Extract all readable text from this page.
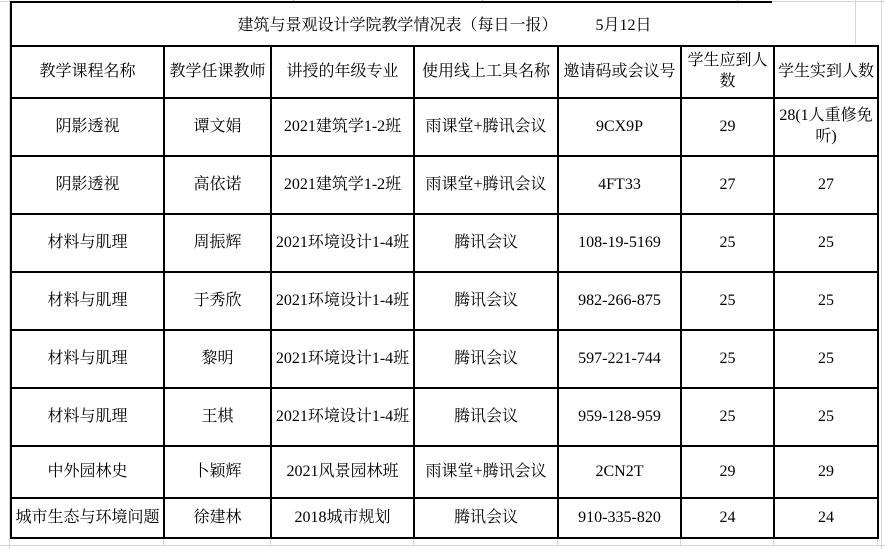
建筑与景观设计学院教学情况表（每日一报） 5月12日
教学课程名称	教学任课教师	讲授的年级专业	使用线上工具名称	邀请码或会议号	学生应到人数	学生实到人数
阴影透视	谭文娟	2021建筑学1-2班	雨课堂+腾讯会议	9CX9P	29	28(1人重修免听)
阴影透视	高依诺	2021建筑学1-2班	雨课堂+腾讯会议	4FT33	27	27
材料与肌理	周振辉	2021环境设计1-4班	腾讯会议	108-19-5169	25	25
材料与肌理	于秀欣	2021环境设计1-4班	腾讯会议	982-266-875	25	25
材料与肌理	黎明	2021环境设计1-4班	腾讯会议	597-221-744	25	25
材料与肌理	王棋	2021环境设计1-4班	腾讯会议	959-128-959	25	25
中外园林史	卜颖辉	2021风景园林班	雨课堂+腾讯会议	2CN2T	29	29
城市生态与环境问题	徐建林	2018城市规划	腾讯会议	910-335-820	24	24
